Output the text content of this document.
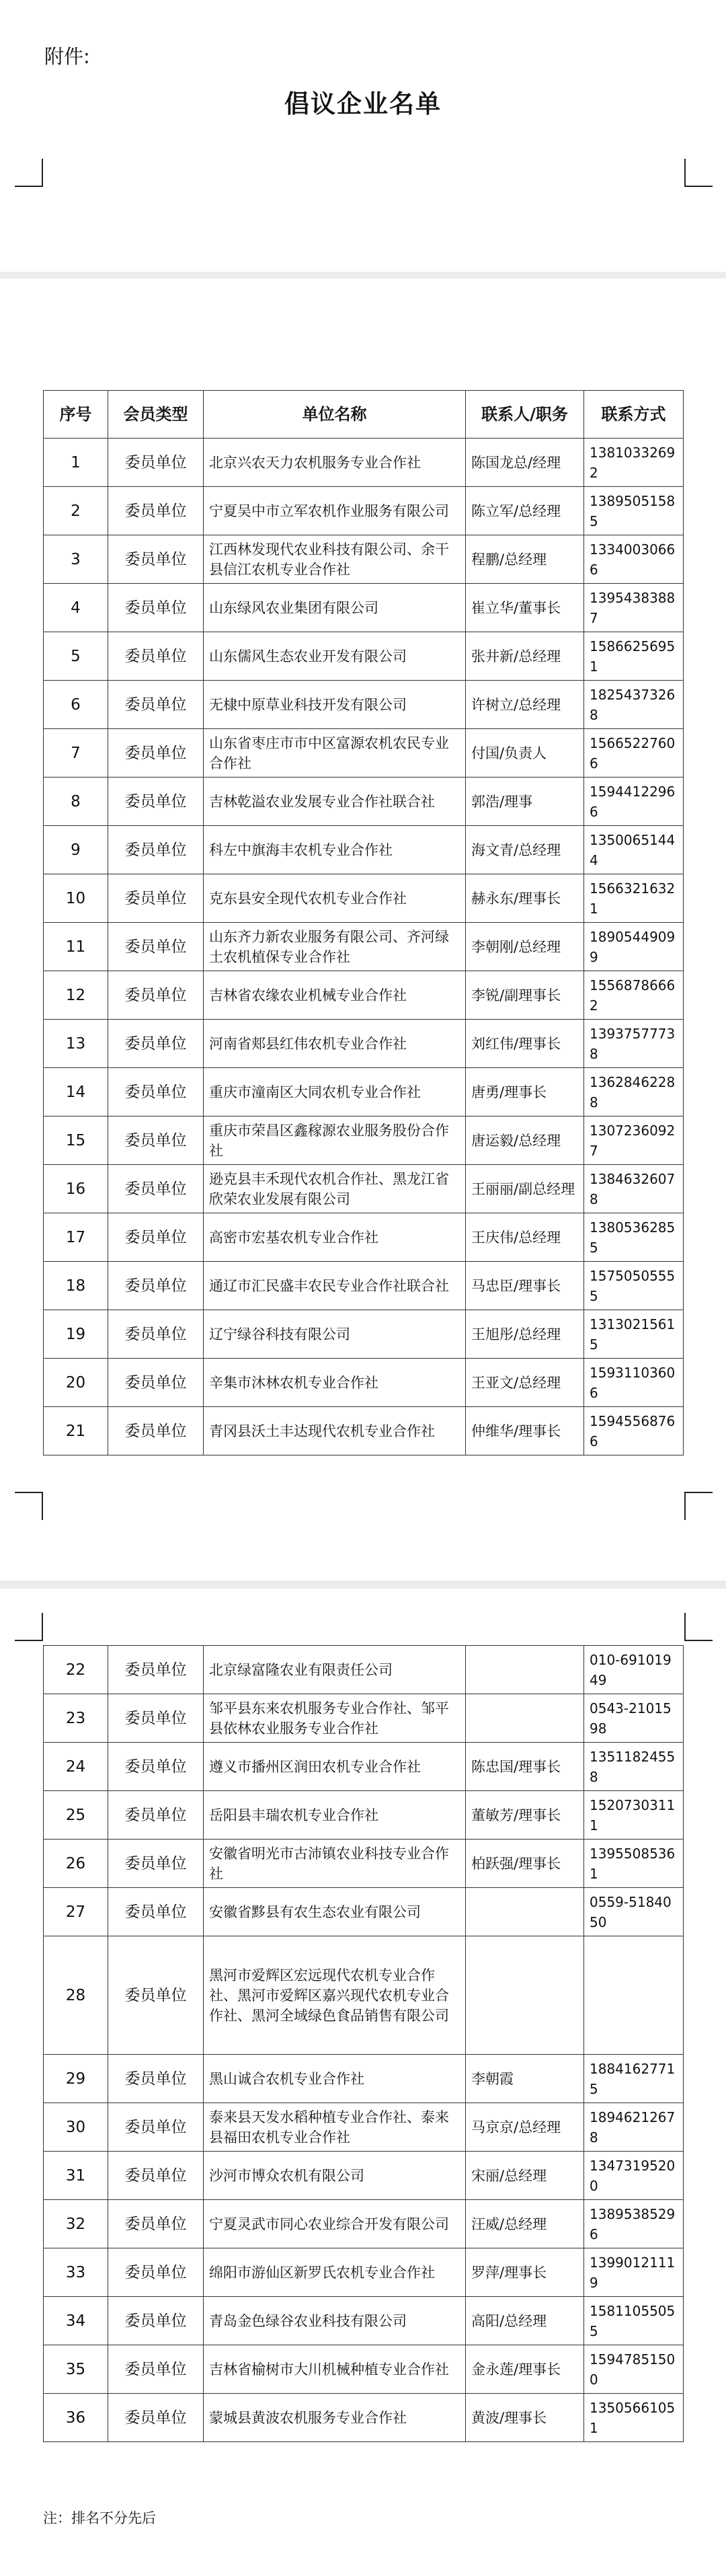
附件:
倡议企业名单
序号	会员类型	单位名称	联系人/职务	联系方式
1	委员单位	北京兴农天力农机服务专业合作社	陈国龙总/经理	13810332692
2	委员单位	宁夏吴中市立军农机作业服务有限公司	陈立军/总经理	13895051585
3	委员单位	江西林发现代农业科技有限公司、余干县信江农机专业合作社	程鹏/总经理	13340030666
4	委员单位	山东绿风农业集团有限公司	崔立华/董事长	13954383887
5	委员单位	山东儒风生态农业开发有限公司	张井新/总经理	15866256951
6	委员单位	无棣中原草业科技开发有限公司	许树立/总经理	18254373268
7	委员单位	山东省枣庄市市中区富源农机农民专业合作社	付国/负责人	15665227606
8	委员单位	吉林乾溢农业发展专业合作社联合社	郭浩/理事	15944122966
9	委员单位	科左中旗海丰农机专业合作社	海文青/总经理	13500651444
10	委员单位	克东县安全现代农机专业合作社	赫永东/理事长	15663216321
11	委员单位	山东齐力新农业服务有限公司、齐河绿土农机植保专业合作社	李朝刚/总经理	18905449099
12	委员单位	吉林省农缘农业机械专业合作社	李锐/副理事长	15568786662
13	委员单位	河南省郏县红伟农机专业合作社	刘红伟/理事长	13937577738
14	委员单位	重庆市潼南区大同农机专业合作社	唐勇/理事长	13628462288
15	委员单位	重庆市荣昌区鑫稼源农业服务股份合作社	唐运毅/总经理	13072360927
16	委员单位	逊克县丰禾现代农机合作社、黑龙江省欣荣农业发展有限公司	王丽丽/副总经理	13846326078
17	委员单位	高密市宏基农机专业合作社	王庆伟/总经理	13805362855
18	委员单位	通辽市汇民盛丰农民专业合作社联合社	马忠臣/理事长	15750505555
19	委员单位	辽宁绿谷科技有限公司	王旭彤/总经理	13130215615
20	委员单位	辛集市沐林农机专业合作社	王亚文/总经理	15931103606
21	委员单位	青冈县沃土丰达现代农机专业合作社	仲维华/理事长	15945568766
22	委员单位	北京绿富隆农业有限责任公司		010-69101949
23	委员单位	邹平县东来农机服务专业合作社、邹平县依林农业服务专业合作社		0543-2101598
24	委员单位	遵义市播州区润田农机专业合作社	陈忠国/理事长	13511824558
25	委员单位	岳阳县丰瑞农机专业合作社	董敏芳/理事长	15207303111
26	委员单位	安徽省明光市古沛镇农业科技专业合作社	柏跃强/理事长	13955085361
27	委员单位	安徽省黟县有农生态农业有限公司		0559-5184050
28	委员单位	黑河市爱辉区宏远现代农机专业合作社、黑河市爱辉区嘉兴现代农机专业合作社、黑河全域绿色食品销售有限公司		
29	委员单位	黑山诚合农机专业合作社	李朝霞	18841627715
30	委员单位	泰来县天发水稻种植专业合作社、泰来县福田农机专业合作社	马京京/总经理	18946212678
31	委员单位	沙河市博众农机有限公司	宋丽/总经理	13473195200
32	委员单位	宁夏灵武市同心农业综合开发有限公司	汪威/总经理	13895385296
33	委员单位	绵阳市游仙区新罗氏农机专业合作社	罗萍/理事长	13990121119
34	委员单位	青岛金色绿谷农业科技有限公司	高阳/总经理	15811055055
35	委员单位	吉林省榆树市大川机械种植专业合作社	金永莲/理事长	15947851500
36	委员单位	蒙城县黄波农机服务专业合作社	黄波/理事长	13505661051
注：排名不分先后
